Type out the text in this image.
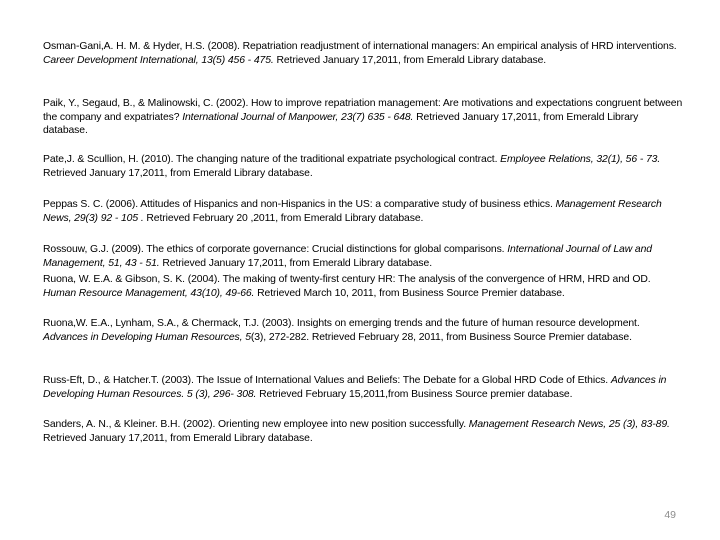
Osman-Gani,A. H. M. & Hyder, H.S. (2008). Repatriation readjustment of international managers: An empirical analysis of HRD interventions. Career Development International, 13(5) 456 - 475. Retrieved January 17,2011, from Emerald Library database.

Paik, Y., Segaud, B., & Malinowski, C. (2002). How to improve repatriation management: Are motivations and expectations congruent between the company and expatriates? International Journal of Manpower, 23(7) 635 - 648. Retrieved January 17,2011, from Emerald Library database.

Pate,J. & Scullion, H. (2010). The changing nature of the traditional expatriate psychological contract. Employee Relations, 32(1), 56 - 73. Retrieved January 17,2011, from Emerald Library database.

Peppas S. C. (2006). Attitudes of Hispanics and non-Hispanics in the US: a comparative study of business ethics. Management Research News, 29(3) 92 - 105 . Retrieved February 20 ,2011, from Emerald Library database.

Rossouw, G.J. (2009). The ethics of corporate governance: Crucial distinctions for global comparisons. International Journal of Law and Management, 51, 43 - 51. Retrieved January 17,2011, from Emerald Library database.

Ruona, W. E.A. & Gibson, S. K. (2004). The making of twenty-first century HR: The analysis of the convergence of HRM, HRD and OD. Human Resource Management, 43(10), 49-66. Retrieved March 10, 2011, from Business Source Premier database.

Ruona,W. E.A., Lynham, S.A., & Chermack, T.J. (2003). Insights on emerging trends and the future of human resource development. Advances in Developing Human Resources, 5(3), 272-282. Retrieved February 28, 2011, from Business Source Premier database.

Russ-Eft, D., & Hatcher.T. (2003). The Issue of International Values and Beliefs: The Debate for a Global HRD Code of Ethics. Advances in Developing Human Resources. 5 (3), 296- 308. Retrieved February 15,2011,from Business Source premier database.

Sanders, A. N., & Kleiner. B.H. (2002). Orienting new employee into new position successfully. Management Research News, 25 (3), 83-89. Retrieved January 17,2011, from Emerald Library database.

49
